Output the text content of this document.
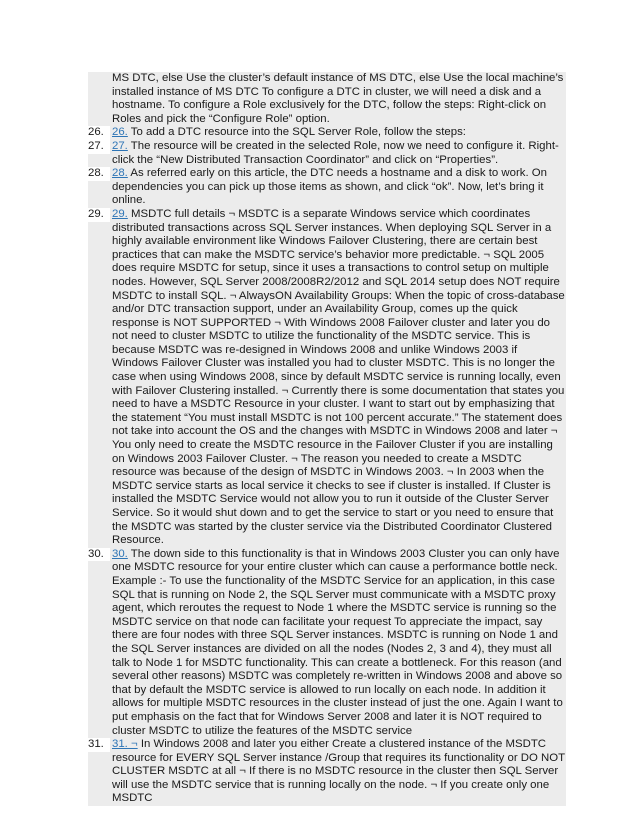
MS DTC, else Use the cluster’s default instance of MS DTC, else Use the local machine’s installed instance of MS DTC To configure a DTC in cluster, we will need a disk and a hostname. To configure a Role exclusively for the DTC, follow the steps: Right-click on Roles and pick the “Configure Role” option.

26. 26. To add a DTC resource into the SQL Server Role, follow the steps:

27. 27. The resource will be created in the selected Role, now we need to configure it. Right-click the “New Distributed Transaction Coordinator” and click on “Properties”.

28. 28. As referred early on this article, the DTC needs a hostname and a disk to work. On dependencies you can pick up those items as shown, and click “ok”. Now, let’s bring it online.

29. 29. MSDTC full details ¬ MSDTC is a separate Windows service which coordinates distributed transactions across SQL Server instances. When deploying SQL Server in a highly available environment like Windows Failover Clustering, there are certain best practices that can make the MSDTC service’s behavior more predictable. ¬ SQL 2005 does require MSDTC for setup, since it uses a transactions to control setup on multiple nodes. However, SQL Server 2008/2008R2/2012 and SQL 2014 setup does NOT require MSDTC to install SQL. ¬ AlwaysON Availability Groups: When the topic of cross-database and/or DTC transaction support, under an Availability Group, comes up the quick response is NOT SUPPORTED ¬ With Windows 2008 Failover cluster and later you do not need to cluster MSDTC to utilize the functionality of the MSDTC service. This is because MSDTC was re-designed in Windows 2008 and unlike Windows 2003 if Windows Failover Cluster was installed you had to cluster MSDTC. This is no longer the case when using Windows 2008, since by default MSDTC service is running locally, even with Failover Clustering installed. ¬ Currently there is some documentation that states you need to have a MSDTC Resource in your cluster. I want to start out by emphasizing that the statement “You must install MSDTC is not 100 percent accurate.” The statement does not take into account the OS and the changes with MSDTC in Windows 2008 and later ¬ You only need to create the MSDTC resource in the Failover Cluster if you are installing on Windows 2003 Failover Cluster. ¬ The reason you needed to create a MSDTC resource was because of the design of MSDTC in Windows 2003. ¬ In 2003 when the MSDTC service starts as local service it checks to see if cluster is installed. If Cluster is installed the MSDTC Service would not allow you to run it outside of the Cluster Server Service. So it would shut down and to get the service to start or you need to ensure that the MSDTC was started by the cluster service via the Distributed Coordinator Clustered Resource.

30. 30. The down side to this functionality is that in Windows 2003 Cluster you can only have one MSDTC resource for your entire cluster which can cause a performance bottle neck. Example :- To use the functionality of the MSDTC Service for an application, in this case SQL that is running on Node 2, the SQL Server must communicate with a MSDTC proxy agent, which reroutes the request to Node 1 where the MSDTC service is running so the MSDTC service on that node can facilitate your request To appreciate the impact, say there are four nodes with three SQL Server instances. MSDTC is running on Node 1 and the SQL Server instances are divided on all the nodes (Nodes 2, 3 and 4), they must all talk to Node 1 for MSDTC functionality. This can create a bottleneck. For this reason (and several other reasons) MSDTC was completely re-written in Windows 2008 and above so that by default the MSDTC service is allowed to run locally on each node. In addition it allows for multiple MSDTC resources in the cluster instead of just the one. Again I want to put emphasis on the fact that for Windows Server 2008 and later it is NOT required to cluster MSDTC to utilize the features of the MSDTC service

31. 31. ¬ In Windows 2008 and later you either Create a clustered instance of the MSDTC resource for EVERY SQL Server instance /Group that requires its functionality or DO NOT CLUSTER MSDTC at all ¬ If there is no MSDTC resource in the cluster then SQL Server will use the MSDTC service that is running locally on the node. ¬ If you create only one MSDTC
